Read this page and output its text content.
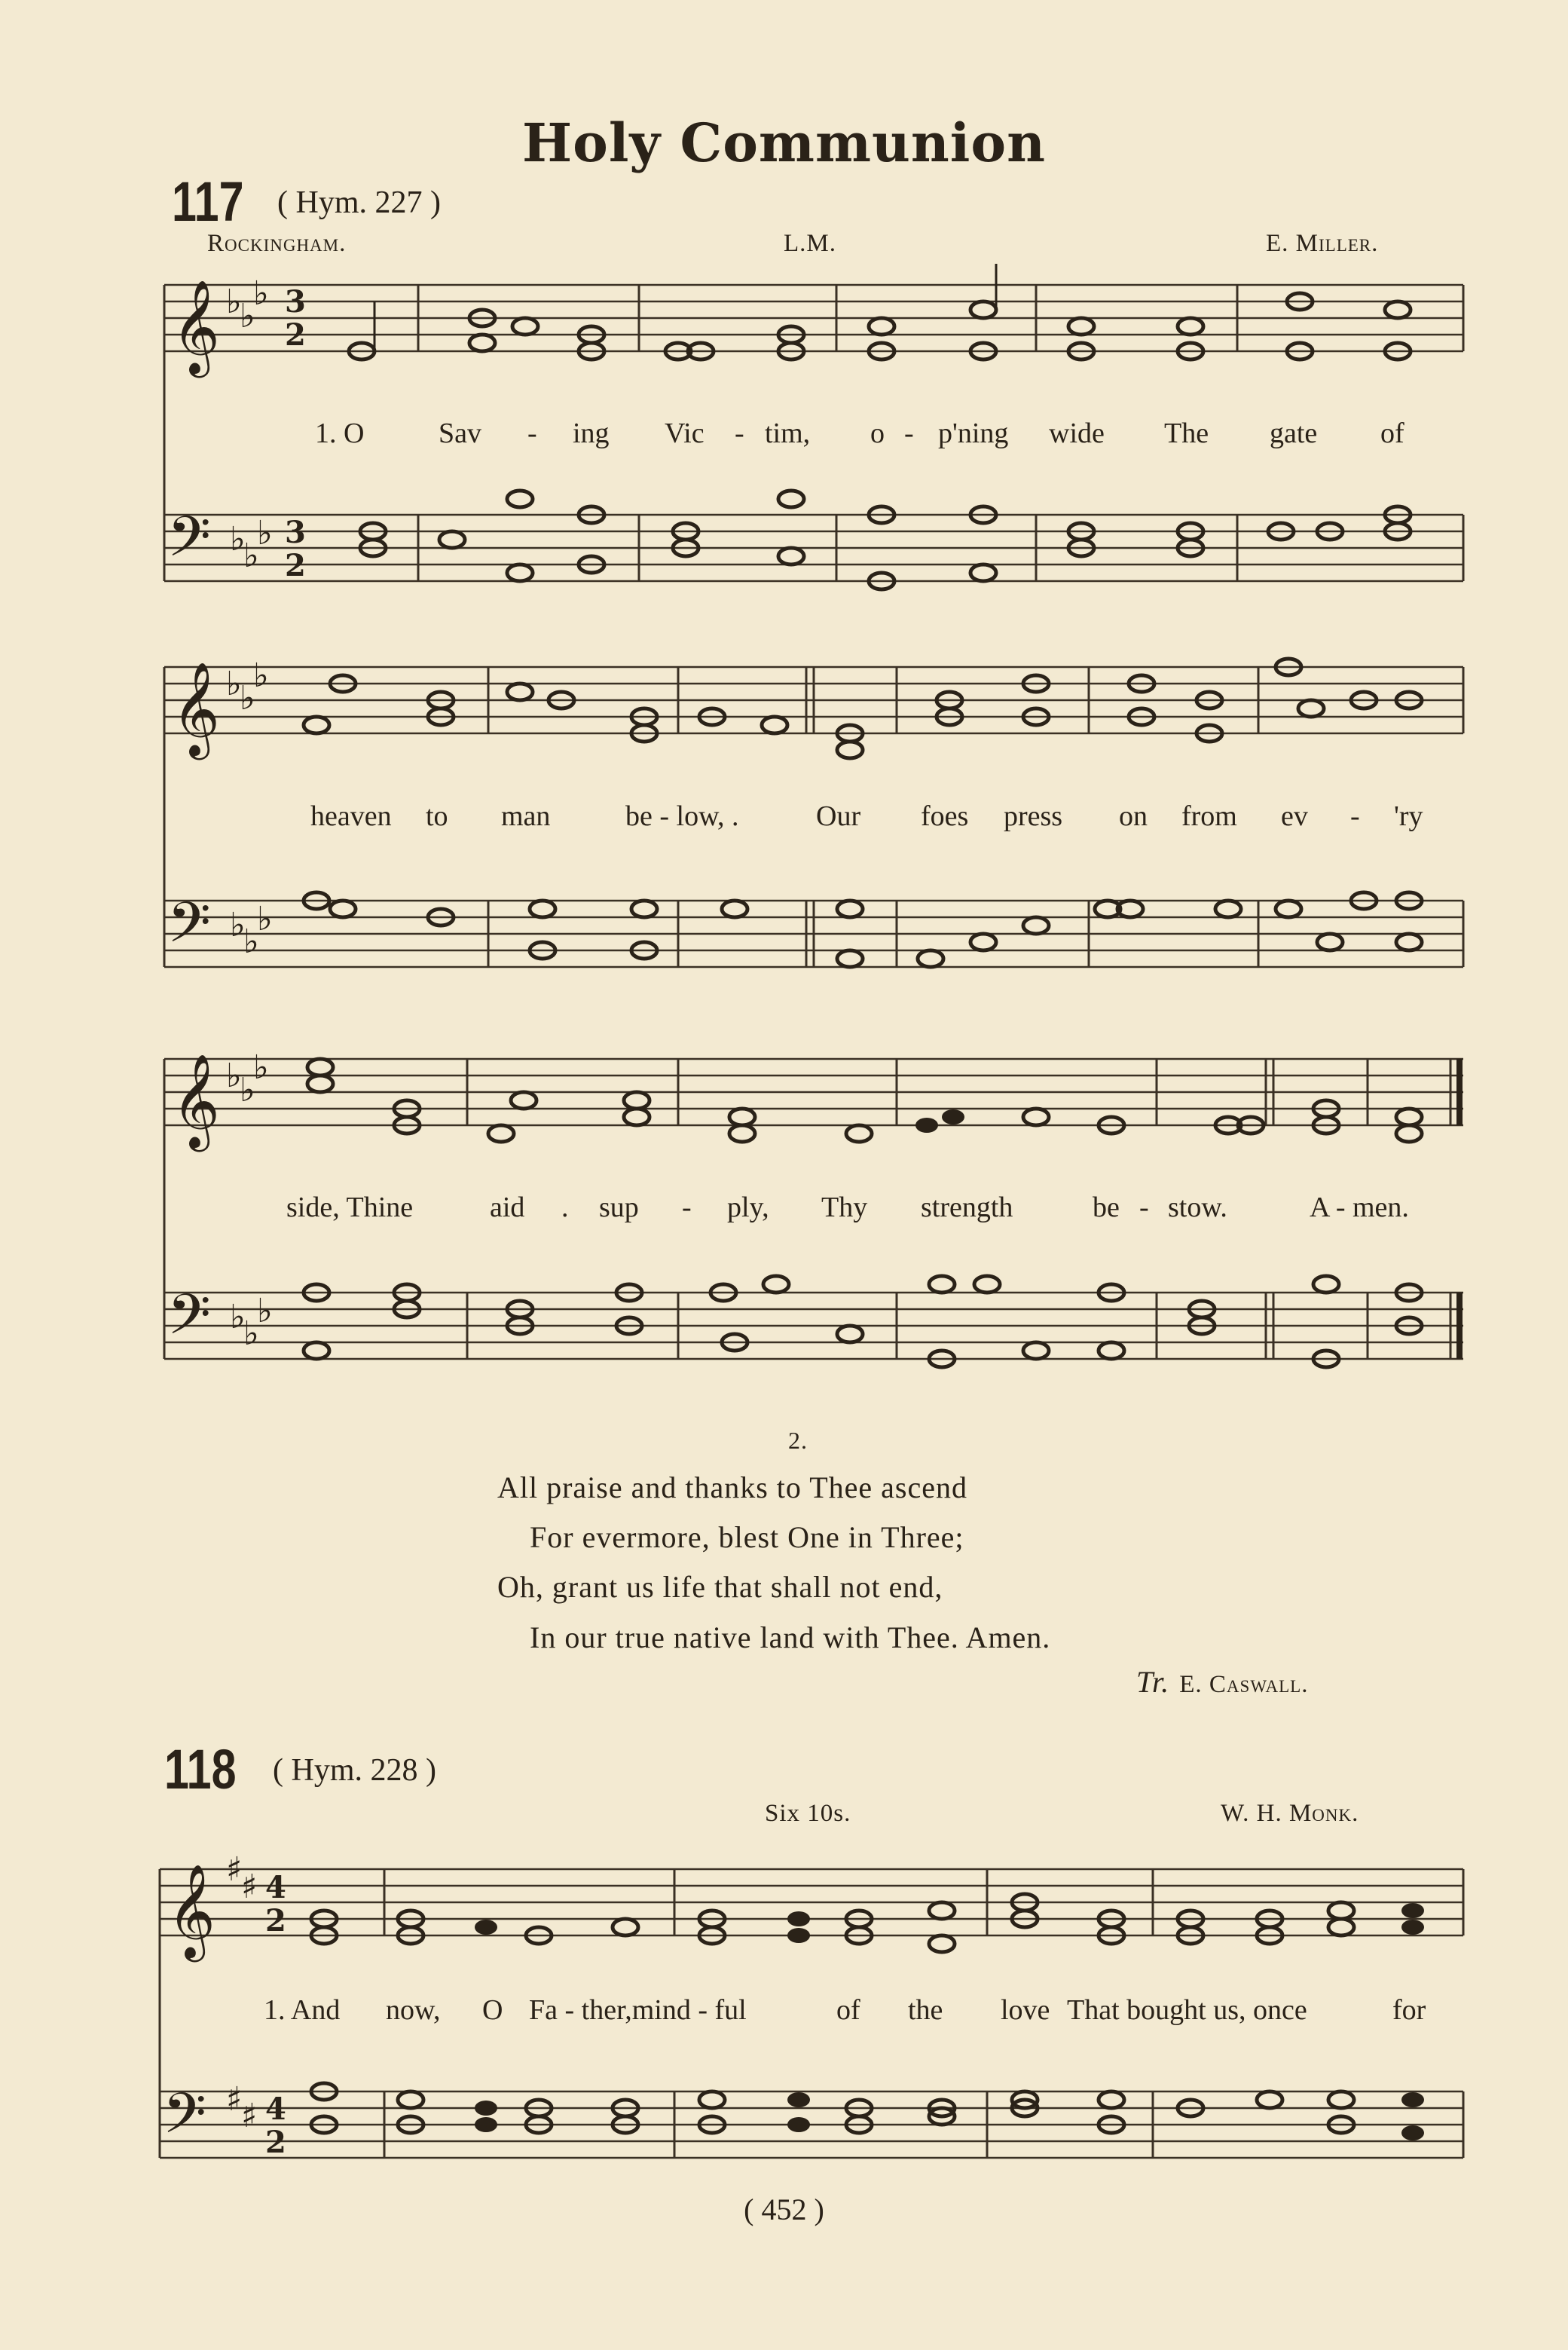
Holy Communion
117 ( Hym. 227 )
Rockingham.	L.M.	E. Miller.
𝄞 ♭
♭
♭ 3
2
𝄢 ♭
♭
♭ 3
2
𝄞 ♭
♭
♭
𝄢 ♭
♭
♭
𝄞 ♭
♭
♭
𝄢 ♭
♭
♭
𝄞 ♯
♯ 4
2
𝄢 ♯
♯ 4
2
1. O	Sav - ing Vic - tim, o - p'ning wide The gate of
heaven to man	be - low, .	Our foes press on from ev - 'ry
side, Thine	aid . sup - ply, Thy strength	be - stow.	A - men.
2.
All praise and thanks to Thee ascend
For evermore, blest One in Three;
Oh, grant us life that shall not end,
In our true native land with Thee. Amen.
Tr. E. Caswall.
118 ( Hym. 228 )
Six 10s.	W. H. Monk.
1. And now, O Fa - ther,mind - ful	of the love That bought us, once	for
( 452 )
